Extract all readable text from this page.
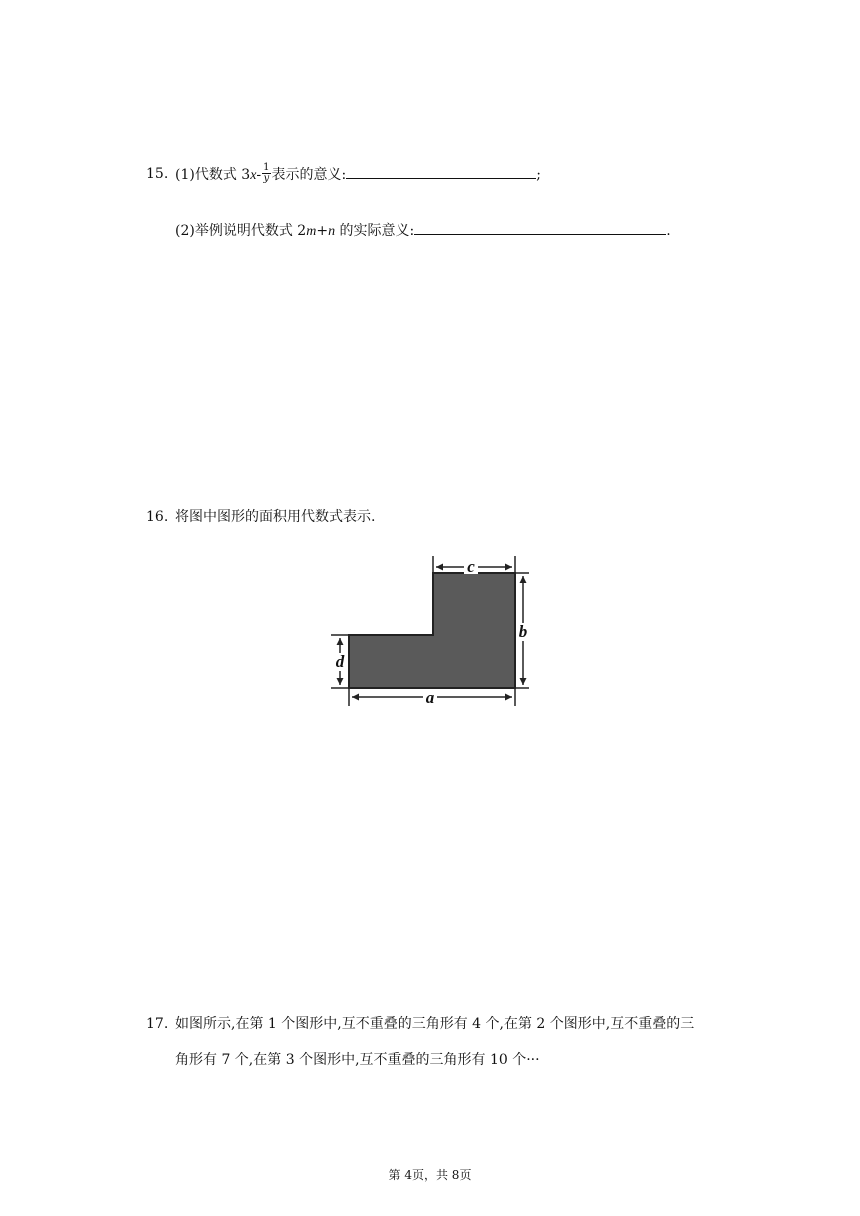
15. (1)代数式 $3x- \frac{1}{y}$ 表示的意义:	;
(2)举例说明代数式 2m+n 的实际意义:	.
16. 将图中图形的面积用代数式表示.
c
b
d
a
17. 如图所示,在第 1 个图形中,互不重叠的三角形有 4 个,在第 2 个图形中,互不重叠的三
角形有 7 个,在第 3 个图形中,互不重叠的三角形有 10 个···
第 4页，共 8页
